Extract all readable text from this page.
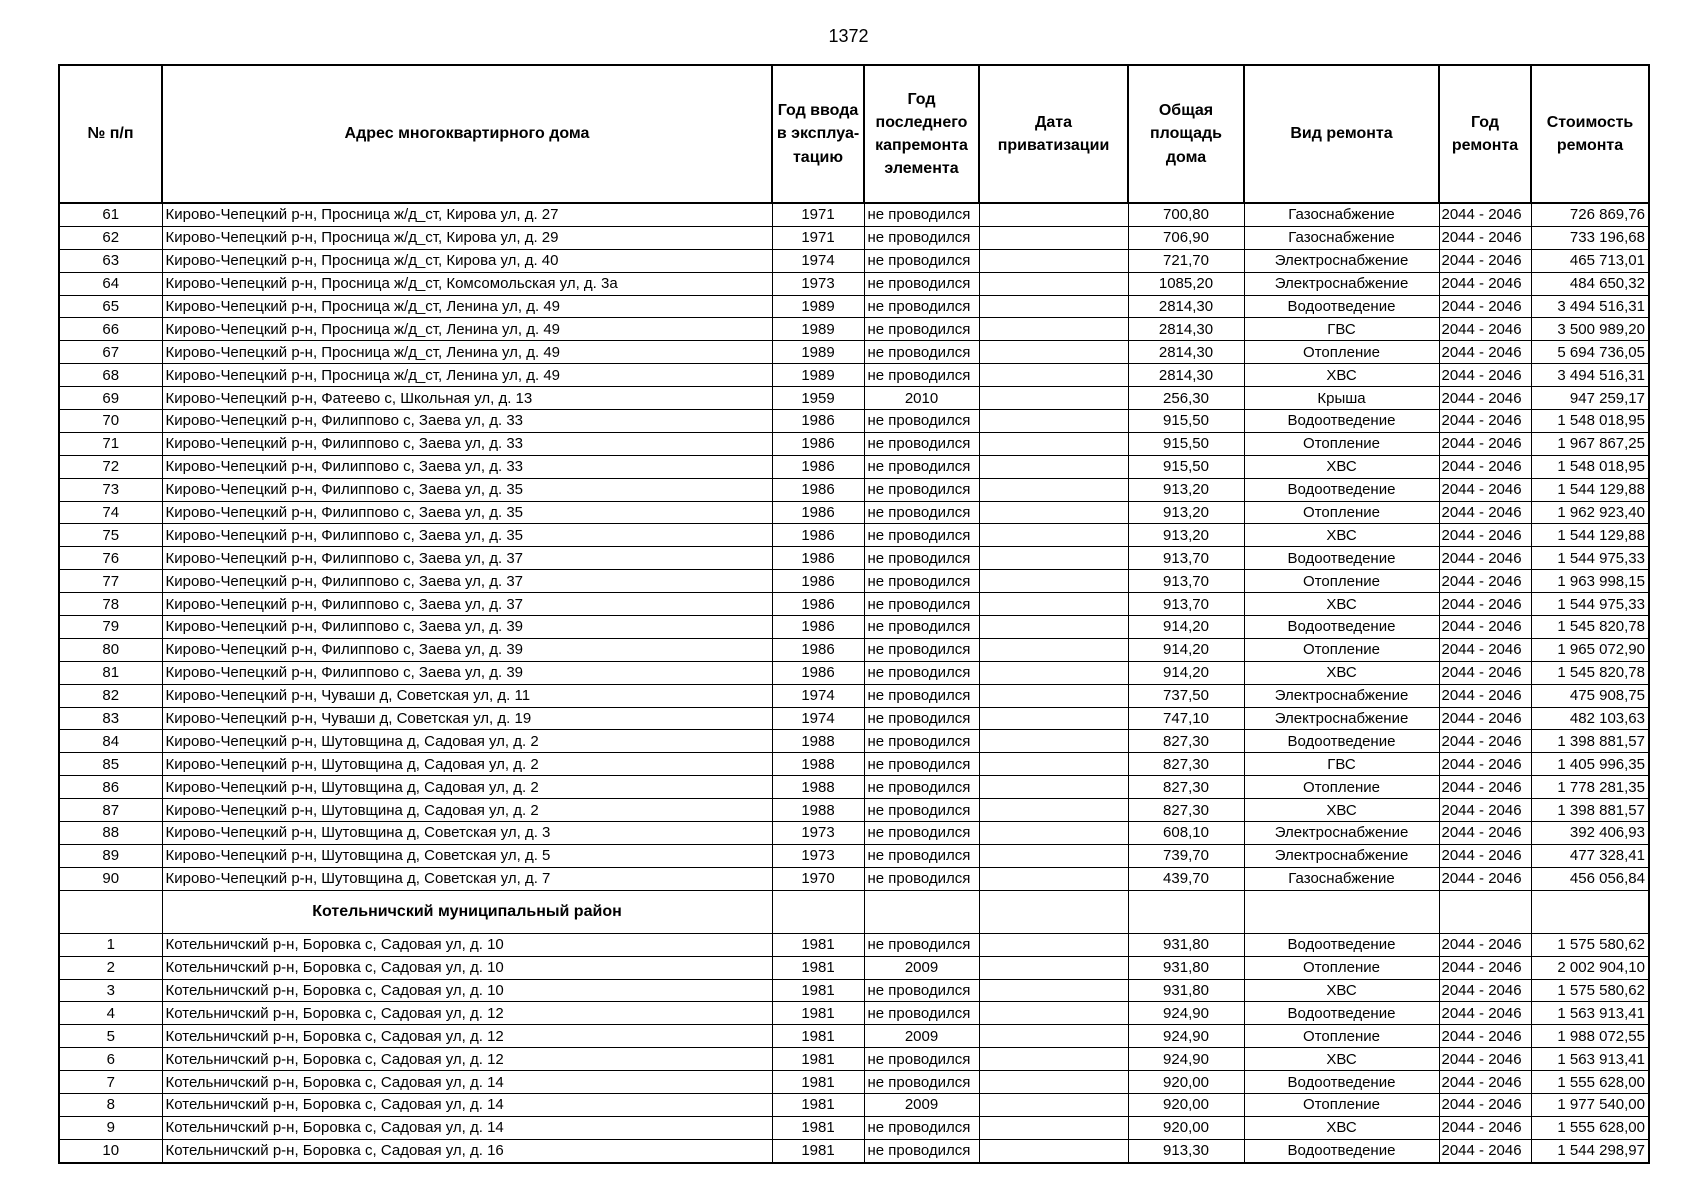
1372
№ п/п	Адрес многоквартирного дома	Год ввода в эксплуа-тацию	Год последнего капремонта элемента	Дата приватизации	Общая площадь дома	Вид ремонта	Год ремонта	Стоимость ремонта
61	Кирово-Чепецкий р-н, Просница ж/д_ст, Кирова ул, д. 27	1971	не проводился		700,80	Газоснабжение	2044 - 2046	726 869,76
62	Кирово-Чепецкий р-н, Просница ж/д_ст, Кирова ул, д. 29	1971	не проводился		706,90	Газоснабжение	2044 - 2046	733 196,68
63	Кирово-Чепецкий р-н, Просница ж/д_ст, Кирова ул, д. 40	1974	не проводился		721,70	Электроснабжение	2044 - 2046	465 713,01
64	Кирово-Чепецкий р-н, Просница ж/д_ст, Комсомольская ул, д. 3а	1973	не проводился		1085,20	Электроснабжение	2044 - 2046	484 650,32
65	Кирово-Чепецкий р-н, Просница ж/д_ст, Ленина ул, д. 49	1989	не проводился		2814,30	Водоотведение	2044 - 2046	3 494 516,31
66	Кирово-Чепецкий р-н, Просница ж/д_ст, Ленина ул, д. 49	1989	не проводился		2814,30	ГВС	2044 - 2046	3 500 989,20
67	Кирово-Чепецкий р-н, Просница ж/д_ст, Ленина ул, д. 49	1989	не проводился		2814,30	Отопление	2044 - 2046	5 694 736,05
68	Кирово-Чепецкий р-н, Просница ж/д_ст, Ленина ул, д. 49	1989	не проводился		2814,30	ХВС	2044 - 2046	3 494 516,31
69	Кирово-Чепецкий р-н, Фатеево с, Школьная ул, д. 13	1959	2010		256,30	Крыша	2044 - 2046	947 259,17
70	Кирово-Чепецкий р-н, Филиппово с, Заева ул, д. 33	1986	не проводился		915,50	Водоотведение	2044 - 2046	1 548 018,95
71	Кирово-Чепецкий р-н, Филиппово с, Заева ул, д. 33	1986	не проводился		915,50	Отопление	2044 - 2046	1 967 867,25
72	Кирово-Чепецкий р-н, Филиппово с, Заева ул, д. 33	1986	не проводился		915,50	ХВС	2044 - 2046	1 548 018,95
73	Кирово-Чепецкий р-н, Филиппово с, Заева ул, д. 35	1986	не проводился		913,20	Водоотведение	2044 - 2046	1 544 129,88
74	Кирово-Чепецкий р-н, Филиппово с, Заева ул, д. 35	1986	не проводился		913,20	Отопление	2044 - 2046	1 962 923,40
75	Кирово-Чепецкий р-н, Филиппово с, Заева ул, д. 35	1986	не проводился		913,20	ХВС	2044 - 2046	1 544 129,88
76	Кирово-Чепецкий р-н, Филиппово с, Заева ул, д. 37	1986	не проводился		913,70	Водоотведение	2044 - 2046	1 544 975,33
77	Кирово-Чепецкий р-н, Филиппово с, Заева ул, д. 37	1986	не проводился		913,70	Отопление	2044 - 2046	1 963 998,15
78	Кирово-Чепецкий р-н, Филиппово с, Заева ул, д. 37	1986	не проводился		913,70	ХВС	2044 - 2046	1 544 975,33
79	Кирово-Чепецкий р-н, Филиппово с, Заева ул, д. 39	1986	не проводился		914,20	Водоотведение	2044 - 2046	1 545 820,78
80	Кирово-Чепецкий р-н, Филиппово с, Заева ул, д. 39	1986	не проводился		914,20	Отопление	2044 - 2046	1 965 072,90
81	Кирово-Чепецкий р-н, Филиппово с, Заева ул, д. 39	1986	не проводился		914,20	ХВС	2044 - 2046	1 545 820,78
82	Кирово-Чепецкий р-н, Чуваши д, Советская ул, д. 11	1974	не проводился		737,50	Электроснабжение	2044 - 2046	475 908,75
83	Кирово-Чепецкий р-н, Чуваши д, Советская ул, д. 19	1974	не проводился		747,10	Электроснабжение	2044 - 2046	482 103,63
84	Кирово-Чепецкий р-н, Шутовщина д, Садовая ул, д. 2	1988	не проводился		827,30	Водоотведение	2044 - 2046	1 398 881,57
85	Кирово-Чепецкий р-н, Шутовщина д, Садовая ул, д. 2	1988	не проводился		827,30	ГВС	2044 - 2046	1 405 996,35
86	Кирово-Чепецкий р-н, Шутовщина д, Садовая ул, д. 2	1988	не проводился		827,30	Отопление	2044 - 2046	1 778 281,35
87	Кирово-Чепецкий р-н, Шутовщина д, Садовая ул, д. 2	1988	не проводился		827,30	ХВС	2044 - 2046	1 398 881,57
88	Кирово-Чепецкий р-н, Шутовщина д, Советская ул, д. 3	1973	не проводился		608,10	Электроснабжение	2044 - 2046	392 406,93
89	Кирово-Чепецкий р-н, Шутовщина д, Советская ул, д. 5	1973	не проводился		739,70	Электроснабжение	2044 - 2046	477 328,41
90	Кирово-Чепецкий р-н, Шутовщина д, Советская ул, д. 7	1970	не проводился		439,70	Газоснабжение	2044 - 2046	456 056,84
	Котельничский муниципальный район							
1	Котельничский р-н, Боровка с, Садовая ул, д. 10	1981	не проводился		931,80	Водоотведение	2044 - 2046	1 575 580,62
2	Котельничский р-н, Боровка с, Садовая ул, д. 10	1981	2009		931,80	Отопление	2044 - 2046	2 002 904,10
3	Котельничский р-н, Боровка с, Садовая ул, д. 10	1981	не проводился		931,80	ХВС	2044 - 2046	1 575 580,62
4	Котельничский р-н, Боровка с, Садовая ул, д. 12	1981	не проводился		924,90	Водоотведение	2044 - 2046	1 563 913,41
5	Котельничский р-н, Боровка с, Садовая ул, д. 12	1981	2009		924,90	Отопление	2044 - 2046	1 988 072,55
6	Котельничский р-н, Боровка с, Садовая ул, д. 12	1981	не проводился		924,90	ХВС	2044 - 2046	1 563 913,41
7	Котельничский р-н, Боровка с, Садовая ул, д. 14	1981	не проводился		920,00	Водоотведение	2044 - 2046	1 555 628,00
8	Котельничский р-н, Боровка с, Садовая ул, д. 14	1981	2009		920,00	Отопление	2044 - 2046	1 977 540,00
9	Котельничский р-н, Боровка с, Садовая ул, д. 14	1981	не проводился		920,00	ХВС	2044 - 2046	1 555 628,00
10	Котельничский р-н, Боровка с, Садовая ул, д. 16	1981	не проводился		913,30	Водоотведение	2044 - 2046	1 544 298,97
